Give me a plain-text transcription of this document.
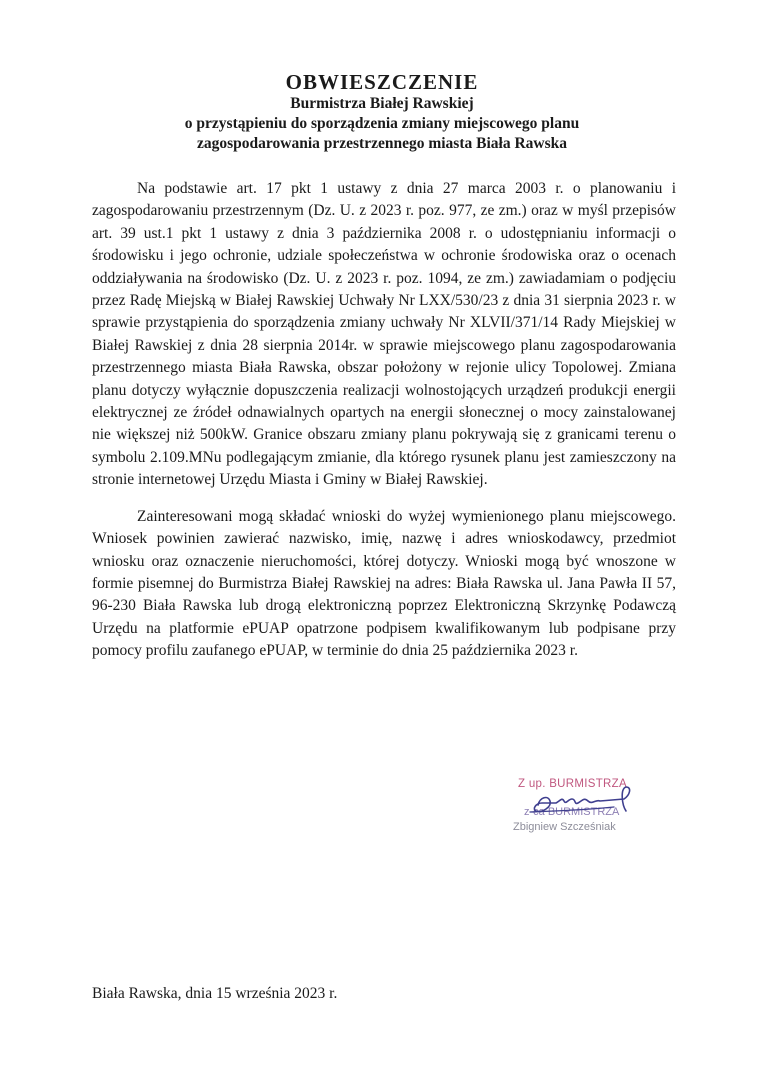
OBWIESZCZENIE

Burmistrza Białej Rawskiej

o przystąpieniu do sporządzenia zmiany miejscowego planu

zagospodarowania przestrzennego miasta Biała Rawska

Na podstawie art. 17 pkt 1 ustawy z dnia 27 marca 2003 r. o planowaniu i zagospodarowaniu przestrzennym (Dz. U. z 2023 r. poz. 977, ze zm.) oraz w myśl przepisów art. 39 ust.1 pkt 1 ustawy z dnia 3 października 2008 r. o udostępnianiu informacji o środowisku i jego ochronie, udziale społeczeństwa w ochronie środowiska oraz o ocenach oddziaływania na środowisko (Dz. U. z 2023 r. poz. 1094, ze zm.) zawiadamiam o podjęciu przez Radę Miejską w Białej Rawskiej Uchwały Nr LXX/530/23 z dnia 31 sierpnia 2023 r. w sprawie przystąpienia do sporządzenia zmiany uchwały Nr XLVII/371/14 Rady Miejskiej w Białej Rawskiej z dnia 28 sierpnia 2014r. w sprawie miejscowego planu zagospodarowania przestrzennego miasta Biała Rawska, obszar położony w rejonie ulicy Topolowej. Zmiana planu dotyczy wyłącznie dopuszczenia realizacji wolnostojących urządzeń produkcji energii elektrycznej ze źródeł odnawialnych opartych na energii słonecznej o mocy zainstalowanej nie większej niż 500kW. Granice obszaru zmiany planu pokrywają się z granicami terenu o symbolu 2.109.MNu podlegającym zmianie, dla którego rysunek planu jest zamieszczony na stronie internetowej Urzędu Miasta i Gminy w Białej Rawskiej.

Zainteresowani mogą składać wnioski do wyżej wymienionego planu miejscowego. Wniosek powinien zawierać nazwisko, imię, nazwę i adres wnioskodawcy, przedmiot wniosku oraz oznaczenie nieruchomości, której dotyczy. Wnioski mogą być wnoszone w formie pisemnej do Burmistrza Białej Rawskiej na adres: Biała Rawska ul. Jana Pawła II 57, 96-230 Biała Rawska lub drogą elektroniczną poprzez Elektroniczną Skrzynkę Podawczą Urzędu na platformie ePUAP opatrzone podpisem kwalifikowanym lub podpisane przy pomocy profilu zaufanego ePUAP, w terminie do dnia 25 października 2023 r.

Z up. BURMISTRZA
z-ca BURMISTRZA
Zbigniew Szcześniak
Biała Rawska, dnia 15 września 2023 r.
